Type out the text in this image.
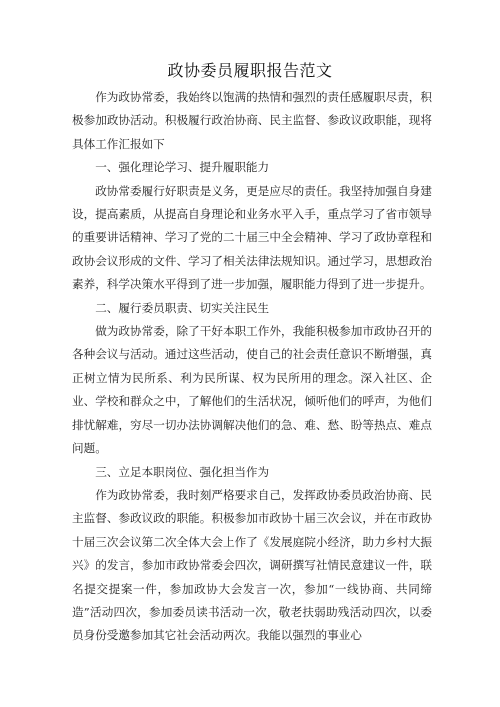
政协委员履职报告范文

作为政协常委，我始终以饱满的热情和强烈的责任感履职尽责，积极参加政协活动。积极履行政治协商、民主监督、参政议政职能，现将具体工作汇报如下

一、强化理论学习、提升履职能力

政协常委履行好职责是义务，更是应尽的责任。我坚持加强自身建设，提高素质，从提高自身理论和业务水平入手，重点学习了省市领导的重要讲话精神、学习了党的二十届三中全会精神、学习了政协章程和政协会议形成的文件、学习了相关法律法规知识。通过学习，思想政治素养，科学决策水平得到了进一步加强，履职能力得到了进一步提升。

二、履行委员职责、切实关注民生

做为政协常委，除了干好本职工作外，我能积极参加市政协召开的各种会议与活动。通过这些活动，使自己的社会责任意识不断增强，真正树立情为民所系、利为民所谋、权为民所用的理念。深入社区、企业、学校和群众之中，了解他们的生活状况，倾听他们的呼声，为他们排忧解难，穷尽一切办法协调解决他们的急、难、愁、盼等热点、难点问题。

三、立足本职岗位、强化担当作为

作为政协常委，我时刻严格要求自己，发挥政协委员政治协商、民主监督、参政议政的职能。积极参加市政协十届三次会议，并在市政协十届三次会议第二次全体大会上作了《发展庭院小经济，助力乡村大振兴》的发言，参加市政协常委会四次，调研撰写社情民意建议一件，联名提交提案一件，参加政协大会发言一次，参加“一线协商、共同缔造”活动四次，参加委员读书活动一次，敬老扶弱助残活动四次，以委员身份受邀参加其它社会活动两次。我能以强烈的事业心
